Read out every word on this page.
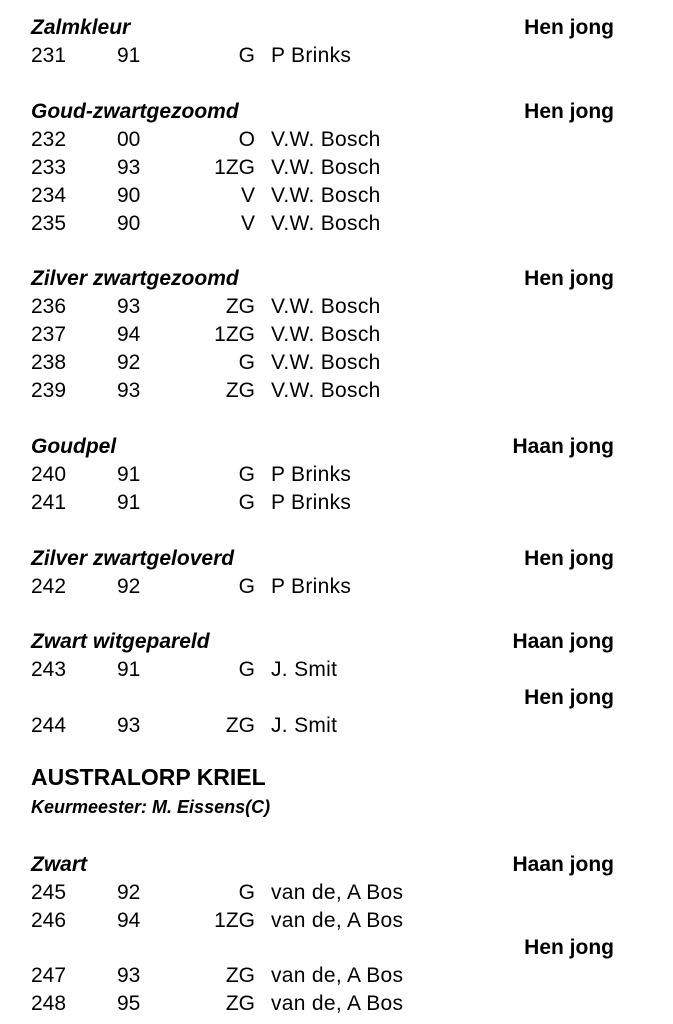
Zalmkleur	Hen jong
231 91	G P Brinks
Goud-zwartgezoomd	Hen jong
232 00	O V.W. Bosch
233 93	1ZG V.W. Bosch
234 90	V V.W. Bosch
235 90	V V.W. Bosch
Zilver zwartgezoomd	Hen jong
236 93	ZG V.W. Bosch
237 94	1ZG V.W. Bosch
238 92	G V.W. Bosch
239 93	ZG V.W. Bosch
Goudpel	Haan jong
240 91	G P Brinks
241 91	G P Brinks
Zilver zwartgeloverd	Hen jong
242 92	G P Brinks
Zwart witgepareld	Haan jong
243 91	G J. Smit
Hen jong
244 93	ZG J. Smit
AUSTRALORP KRIEL
Keurmeester: M. Eissens(C)
Zwart	Haan jong
245 92	G van de, A Bos
246 94	1ZG van de, A Bos
Hen jong
247 93	ZG van de, A Bos
248 95	ZG van de, A Bos
